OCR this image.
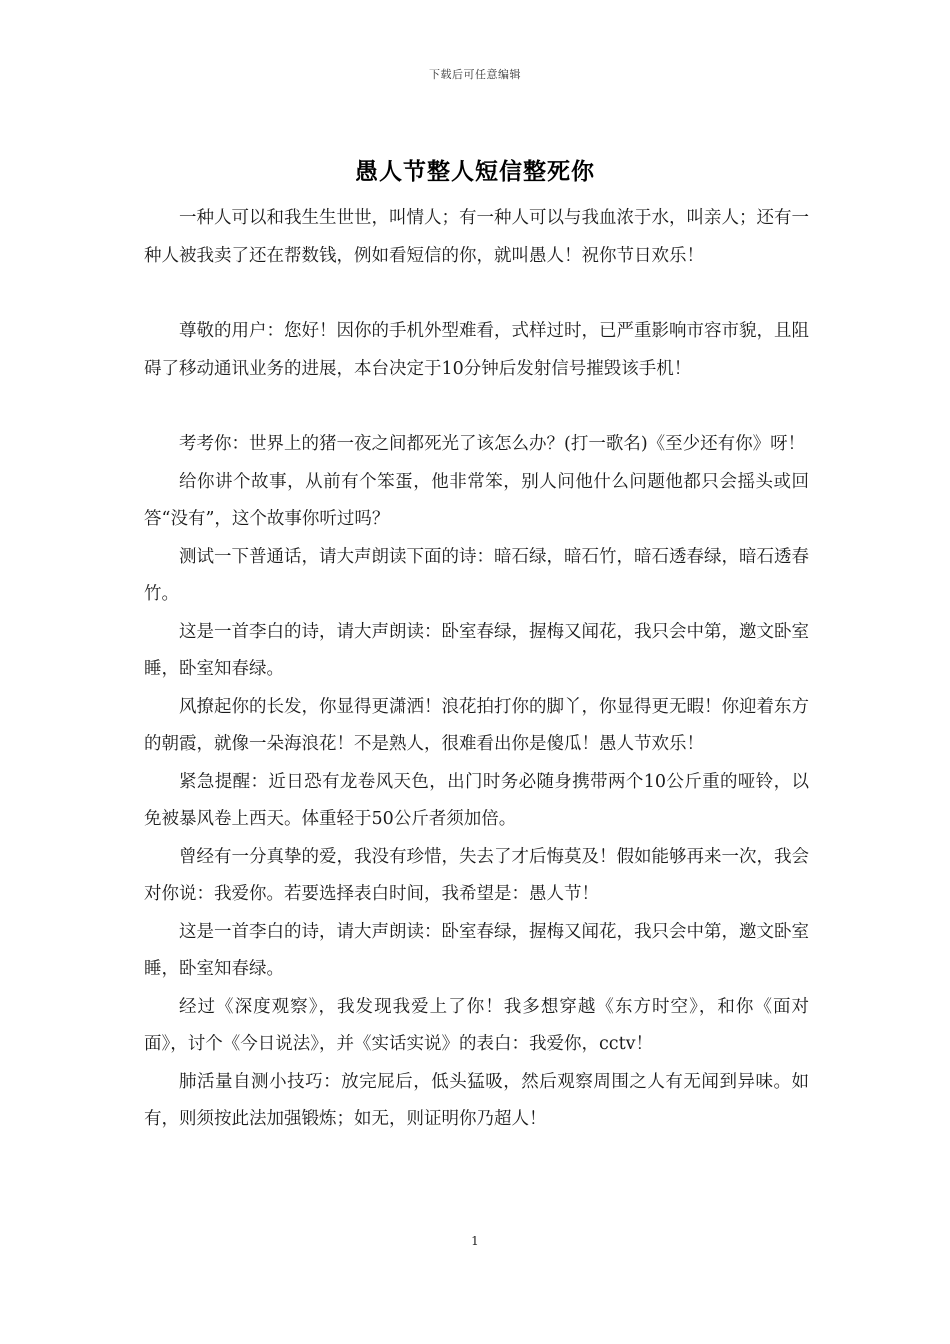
下载后可任意编辑
愚人节整人短信整死你

一种人可以和我生生世世，叫情人；有一种人可以与我血浓于水，叫亲人；还有一种人被我卖了还在帮数钱，例如看短信的你，就叫愚人！祝你节日欢乐！

尊敬的用户：您好！因你的手机外型难看，式样过时，已严重影响市容市貌，且阻碍了移动通讯业务的进展，本台决定于10分钟后发射信号摧毁该手机！

考考你：世界上的猪一夜之间都死光了该怎么办？(打一歌名)《至少还有你》呀！

给你讲个故事，从前有个笨蛋，他非常笨，别人问他什么问题他都只会摇头或回答“没有”，这个故事你听过吗？

测试一下普通话，请大声朗读下面的诗：暗石绿，暗石竹，暗石透春绿，暗石透春竹。

这是一首李白的诗，请大声朗读：卧室春绿，握梅又闻花，我只会中第，邀文卧室睡，卧室知春绿。

风撩起你的长发，你显得更潇洒！浪花拍打你的脚丫，你显得更无暇！你迎着东方的朝霞，就像一朵海浪花！不是熟人，很难看出你是傻瓜！愚人节欢乐！

紧急提醒：近日恐有龙卷风天色，出门时务必随身携带两个10公斤重的哑铃，以免被暴风卷上西天。体重轻于50公斤者须加倍。

曾经有一分真挚的爱，我没有珍惜，失去了才后悔莫及！假如能够再来一次，我会对你说：我爱你。若要选择表白时间，我希望是：愚人节！

这是一首李白的诗，请大声朗读：卧室春绿，握梅又闻花，我只会中第，邀文卧室睡，卧室知春绿。

经过《深度观察》，我发现我爱上了你！我多想穿越《东方时空》，和你《面对面》，讨个《今日说法》，并《实话实说》的表白：我爱你，cctv！

肺活量自测小技巧：放完屁后，低头猛吸，然后观察周围之人有无闻到异味。如有，则须按此法加强锻炼；如无，则证明你乃超人！

1
